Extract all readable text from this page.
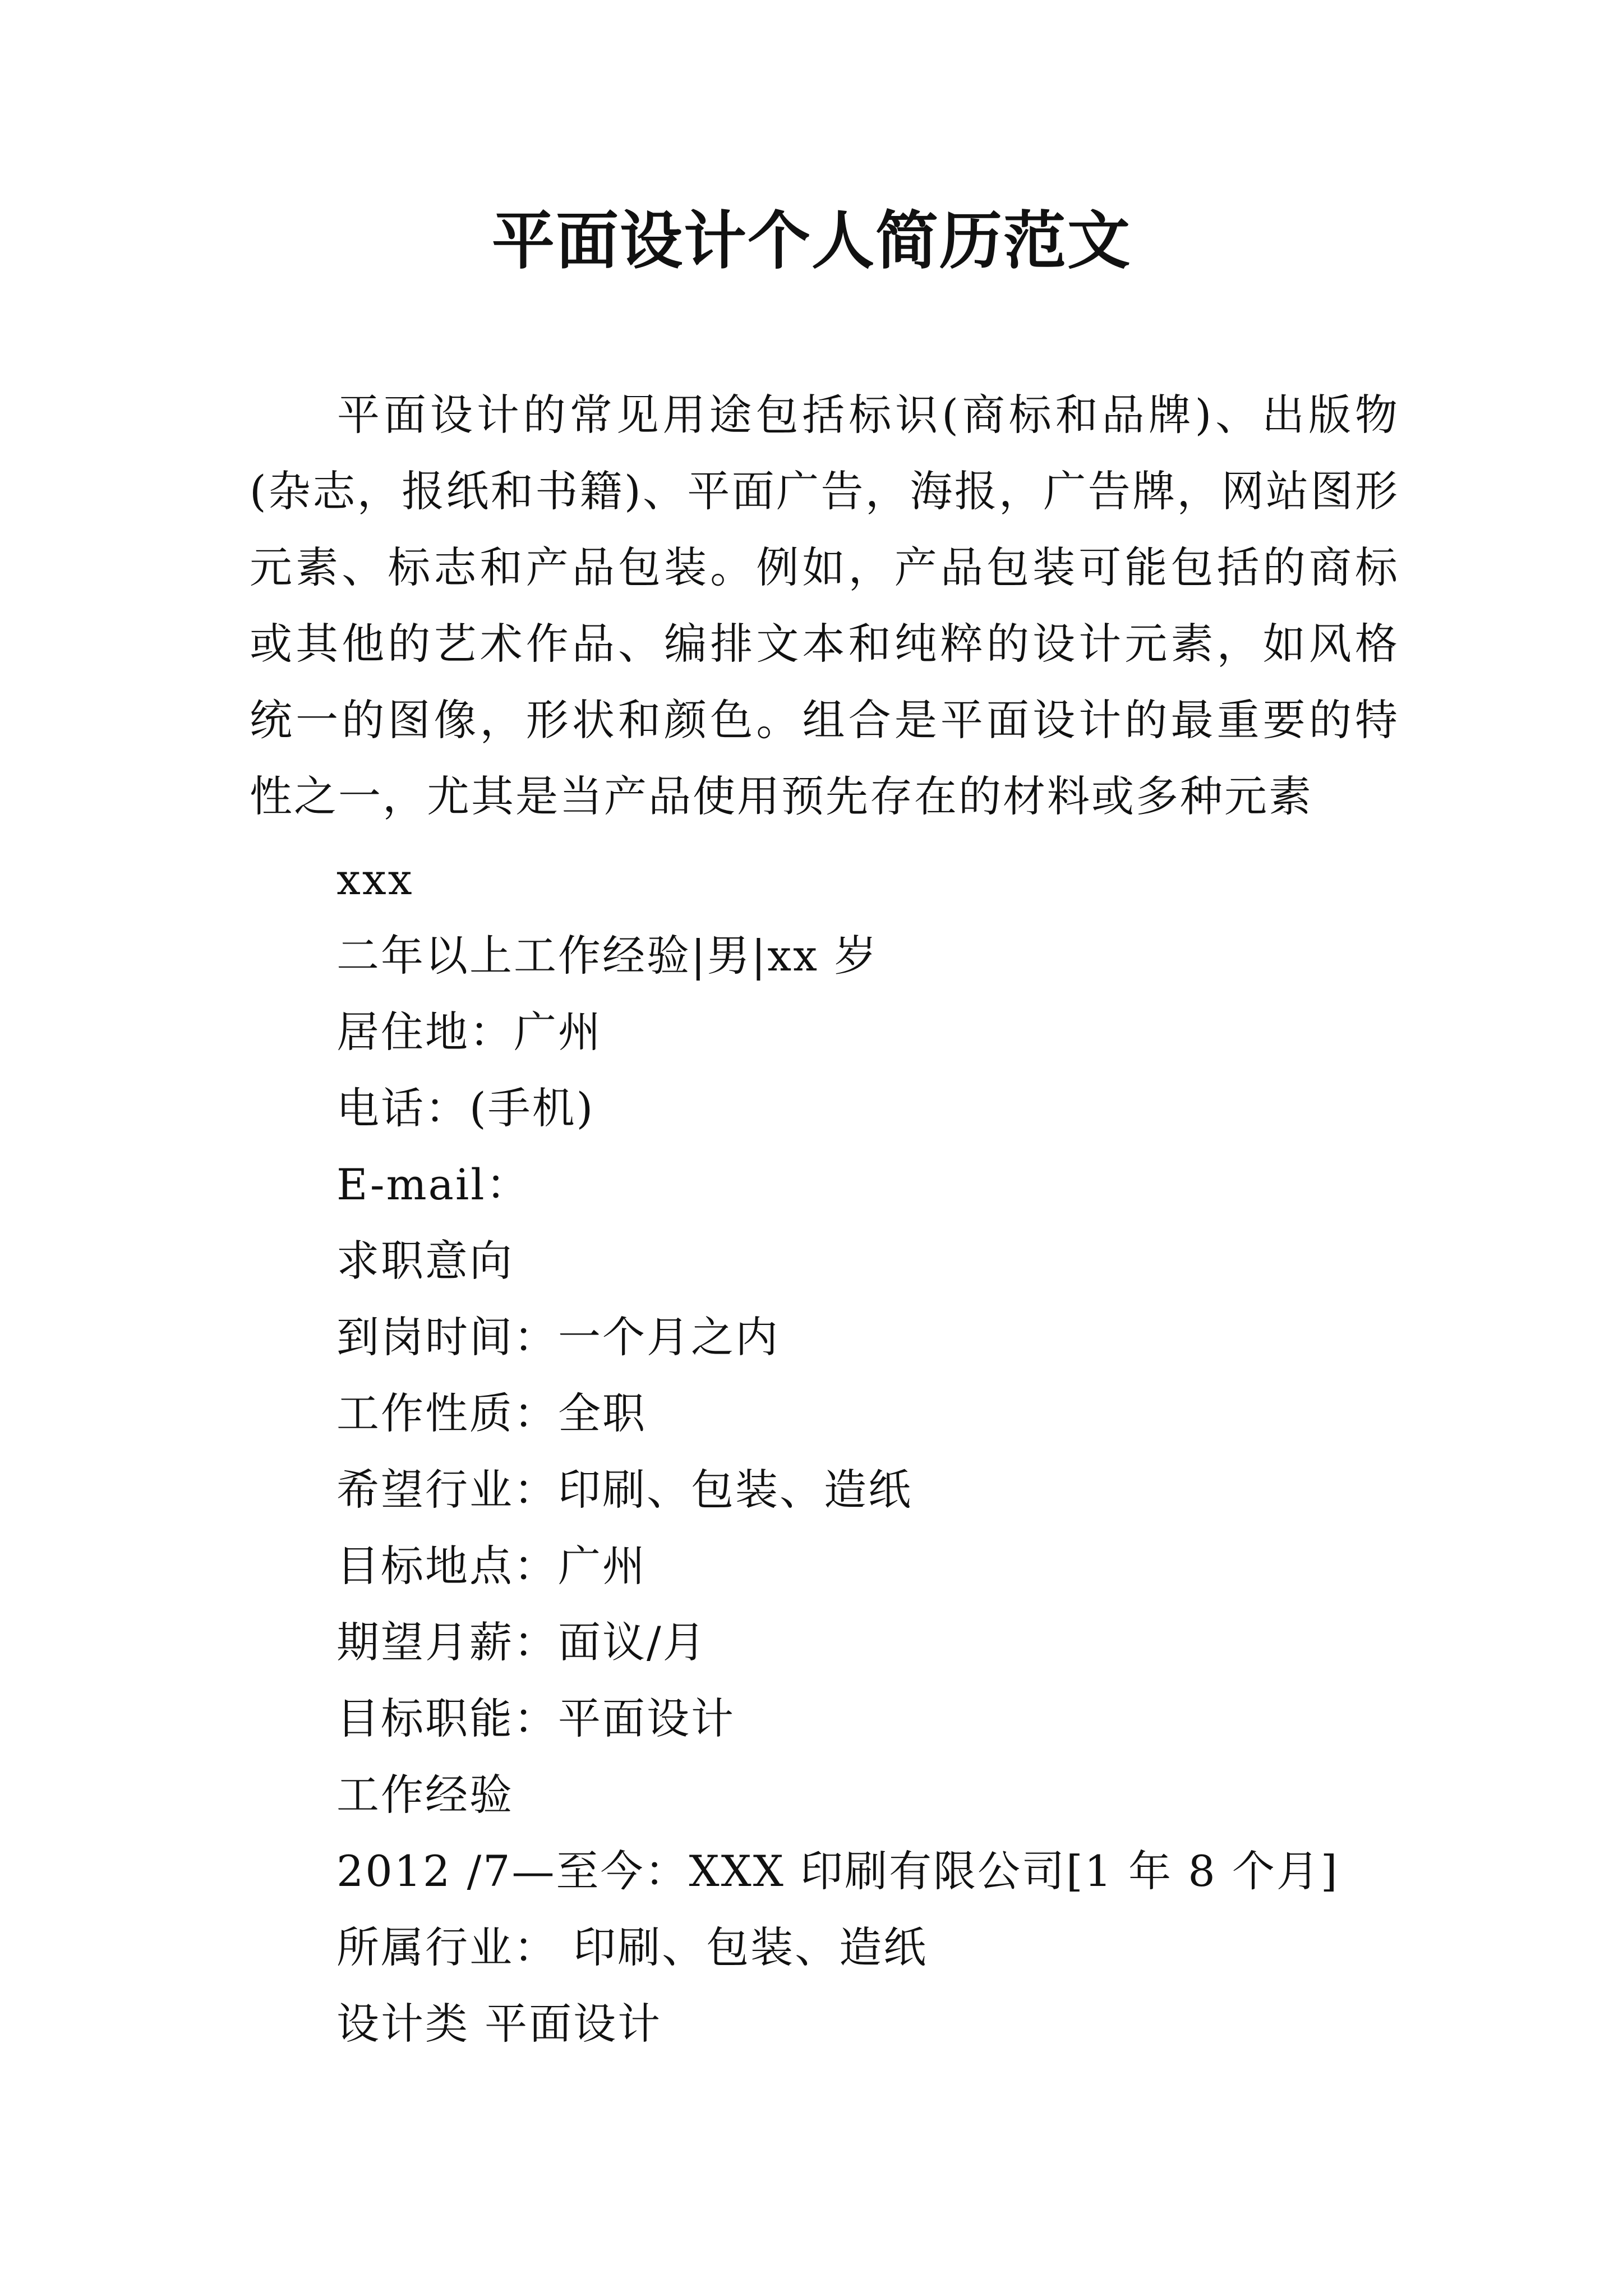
平面设计个人简历范文

平面设计的常见用途包括标识(商标和品牌)、出版物(杂志，报纸和书籍)、平面广告，海报，广告牌，网站图形元素、标志和产品包装。例如，产品包装可能包括的商标或其他的艺术作品、编排文本和纯粹的设计元素，如风格统一的图像，形状和颜色。组合是平面设计的最重要的特性之一，尤其是当产品使用预先存在的材料或多种元素

xxx
二年以上工作经验|男|xx 岁
居住地：广州
电话：(手机)
E-mail：
求职意向
到岗时间：一个月之内
工作性质：全职
希望行业：印刷、包装、造纸
目标地点：广州
期望月薪：面议/月
目标职能：平面设计
工作经验
2012 /7—至今：XXX 印刷有限公司[1 年 8 个月]
所属行业： 印刷、包装、造纸
设计类 平面设计
